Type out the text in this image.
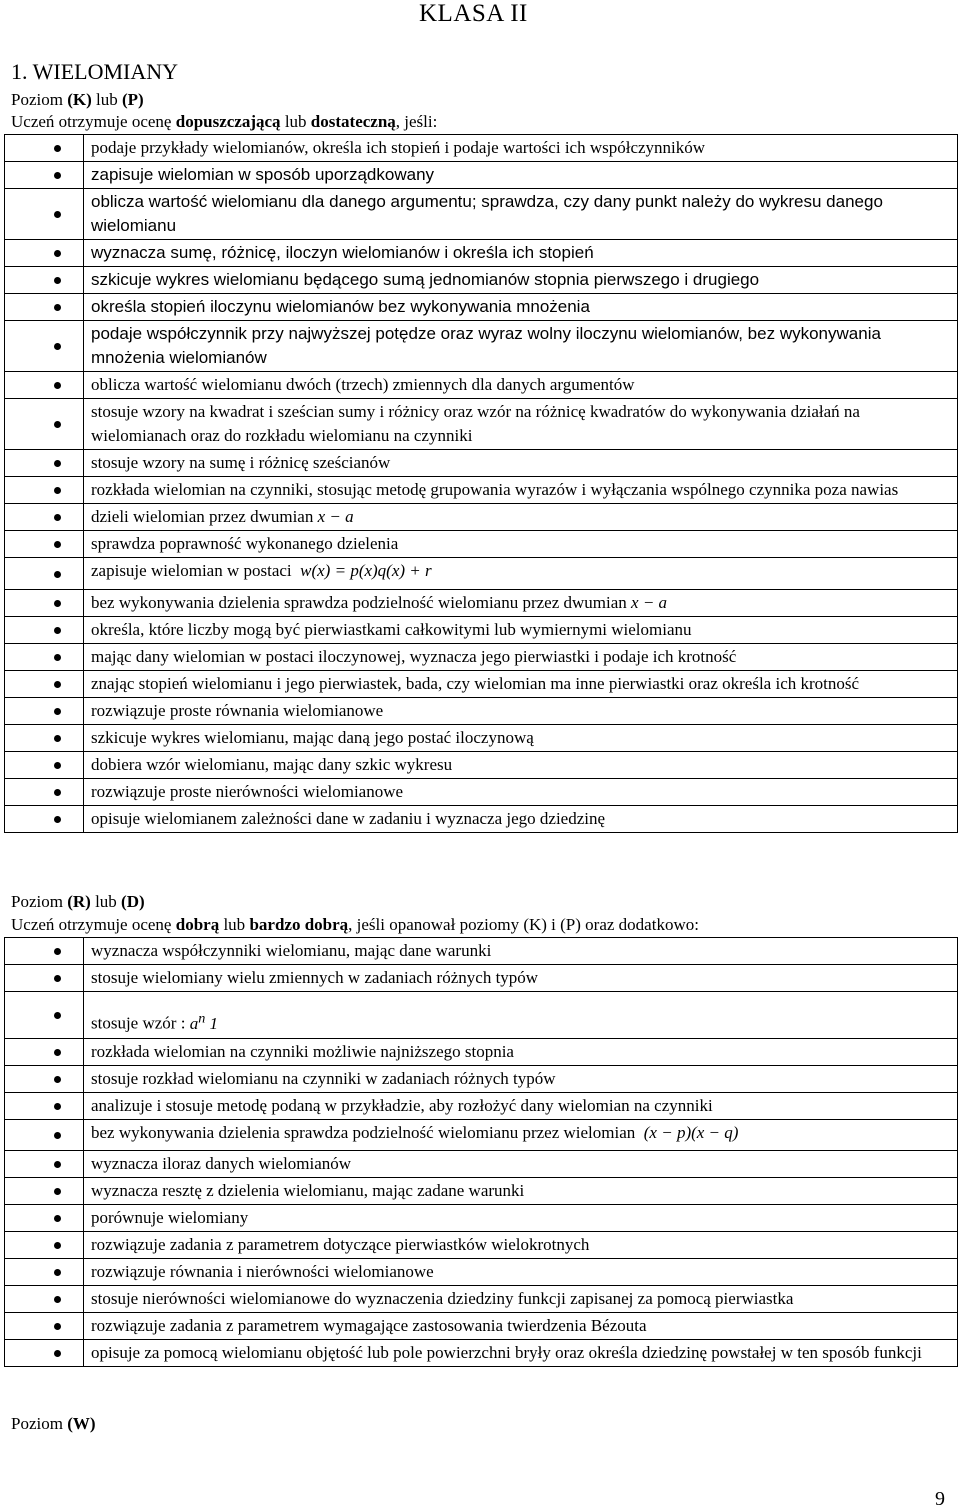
KLASA II
1. WIELOMIANY
Poziom (K) lub (P)
Uczeń otrzymuje ocenę dopuszczającą lub dostateczną, jeśli:
	podaje przykłady wielomianów, określa ich stopień i podaje wartości ich współczynników

	zapisuje wielomian w sposób uporządkowany

	oblicza wartość wielomianu dla danego argumentu; sprawdza, czy dany punkt należy do wykresu danego wielomianu

	wyznacza sumę, różnicę, iloczyn wielomianów i określa ich stopień

	szkicuje wykres wielomianu będącego sumą jednomianów stopnia pierwszego i drugiego

	określa stopień iloczynu wielomianów bez wykonywania mnożenia

	podaje współczynnik przy najwyższej potędze oraz wyraz wolny iloczynu wielomianów, bez wykonywania mnożenia wielomianów

	oblicza wartość wielomianu dwóch (trzech) zmiennych dla danych argumentów

	stosuje wzory na kwadrat i sześcian sumy i różnicy oraz wzór na różnicę kwadratów do wykonywania działań na wielomianach oraz do rozkładu wielomianu na czynniki

	stosuje wzory na sumę i różnicę sześcianów

	rozkłada wielomian na czynniki, stosując metodę grupowania wyrazów i wyłączania wspólnego czynnika poza nawias

	dzieli wielomian przez dwumian x − a

	sprawdza poprawność wykonanego dzielenia

	zapisuje wielomian w postaci w(x) = p(x)q(x) + r

	bez wykonywania dzielenia sprawdza podzielność wielomianu przez dwumian x − a

	określa, które liczby mogą być pierwiastkami całkowitymi lub wymiernymi wielomianu

	mając dany wielomian w postaci iloczynowej, wyznacza jego pierwiastki i podaje ich krotność

	znając stopień wielomianu i jego pierwiastek, bada, czy wielomian ma inne pierwiastki oraz określa ich krotność

	rozwiązuje proste równania wielomianowe

	szkicuje wykres wielomianu, mając daną jego postać iloczynową

	dobiera wzór wielomianu, mając dany szkic wykresu

	rozwiązuje proste nierówności wielomianowe

	opisuje wielomianem zależności dane w zadaniu i wyznacza jego dziedzinę
Poziom (R) lub (D)
Uczeń otrzymuje ocenę dobrą lub bardzo dobrą, jeśli opanował poziomy (K) i (P) oraz dodatkowo:
	wyznacza współczynniki wielomianu, mając dane warunki

	stosuje wielomiany wielu zmiennych w zadaniach różnych typów

	stosuje wzór : $a^n$ 1

	rozkłada wielomian na czynniki możliwie najniższego stopnia

	stosuje rozkład wielomianu na czynniki w zadaniach różnych typów

	analizuje i stosuje metodę podaną w przykładzie, aby rozłożyć dany wielomian na czynniki

	bez wykonywania dzielenia sprawdza podzielność wielomianu przez wielomian (x − p)(x − q)

	wyznacza iloraz danych wielomianów

	wyznacza resztę z dzielenia wielomianu, mając zadane warunki

	porównuje wielomiany

	rozwiązuje zadania z parametrem dotyczące pierwiastków wielokrotnych

	rozwiązuje równania i nierówności wielomianowe

	stosuje nierówności wielomianowe do wyznaczenia dziedziny funkcji zapisanej za pomocą pierwiastka

	rozwiązuje zadania z parametrem wymagające zastosowania twierdzenia Bézouta

	opisuje za pomocą wielomianu objętość lub pole powierzchni bryły oraz określa dziedzinę powstałej w ten sposób funkcji
Poziom (W)
9
